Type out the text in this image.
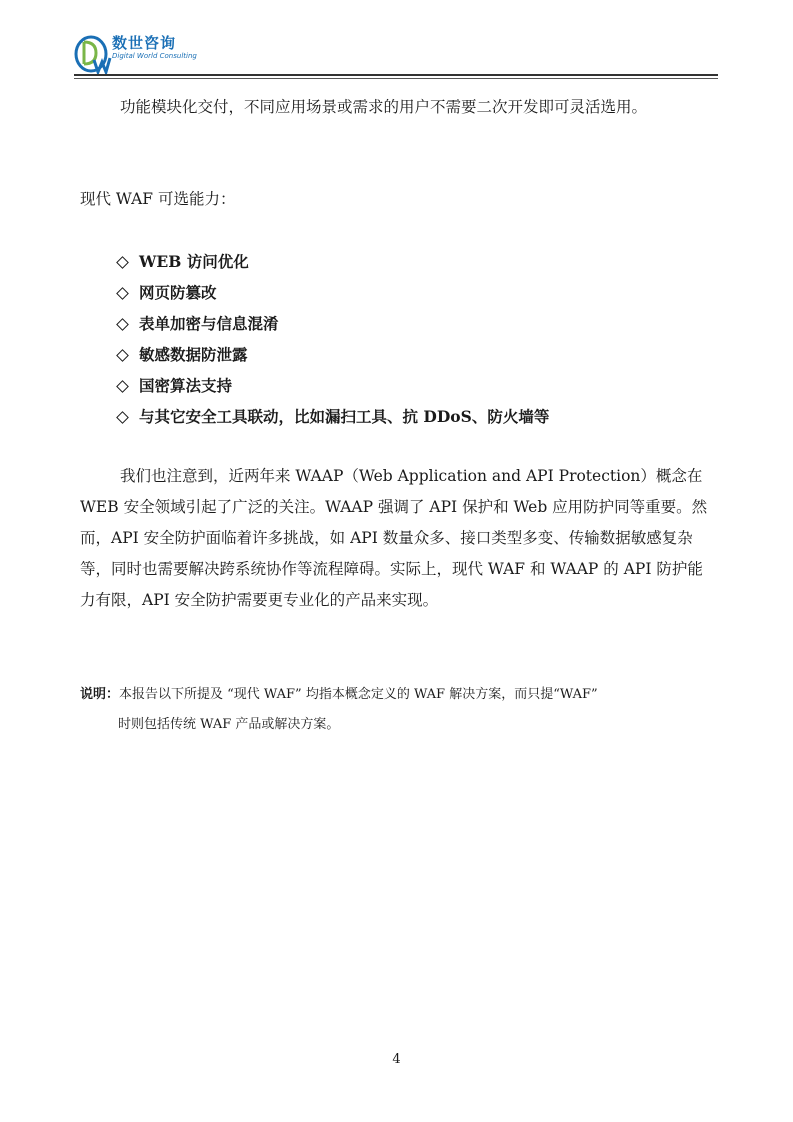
数世咨询
Digital World Consulting

功能模块化交付，不同应用场景或需求的用户不需要二次开发即可灵活选用。

现代 WAF 可选能力：

WEB 访问优化
网页防篡改
表单加密与信息混淆
敏感数据防泄露
国密算法支持
与其它安全工具联动，比如漏扫工具、抗 DDoS、防火墙等

我们也注意到，近两年来 WAAP（Web Application and API Protection）概念在 WEB 安全领域引起了广泛的关注。WAAP 强调了 API 保护和 Web 应用防护同等重要。然而，API 安全防护面临着许多挑战，如 API 数量众多、接口类型多变、传输数据敏感复杂等，同时也需要解决跨系统协作等流程障碍。实际上，现代 WAF 和 WAAP 的 API 防护能力有限，API 安全防护需要更专业化的产品来实现。

说明：本报告以下所提及 “现代 WAF” 均指本概念定义的 WAF 解决方案，而只提“WAF”
时则包括传统 WAF 产品或解决方案。
4
